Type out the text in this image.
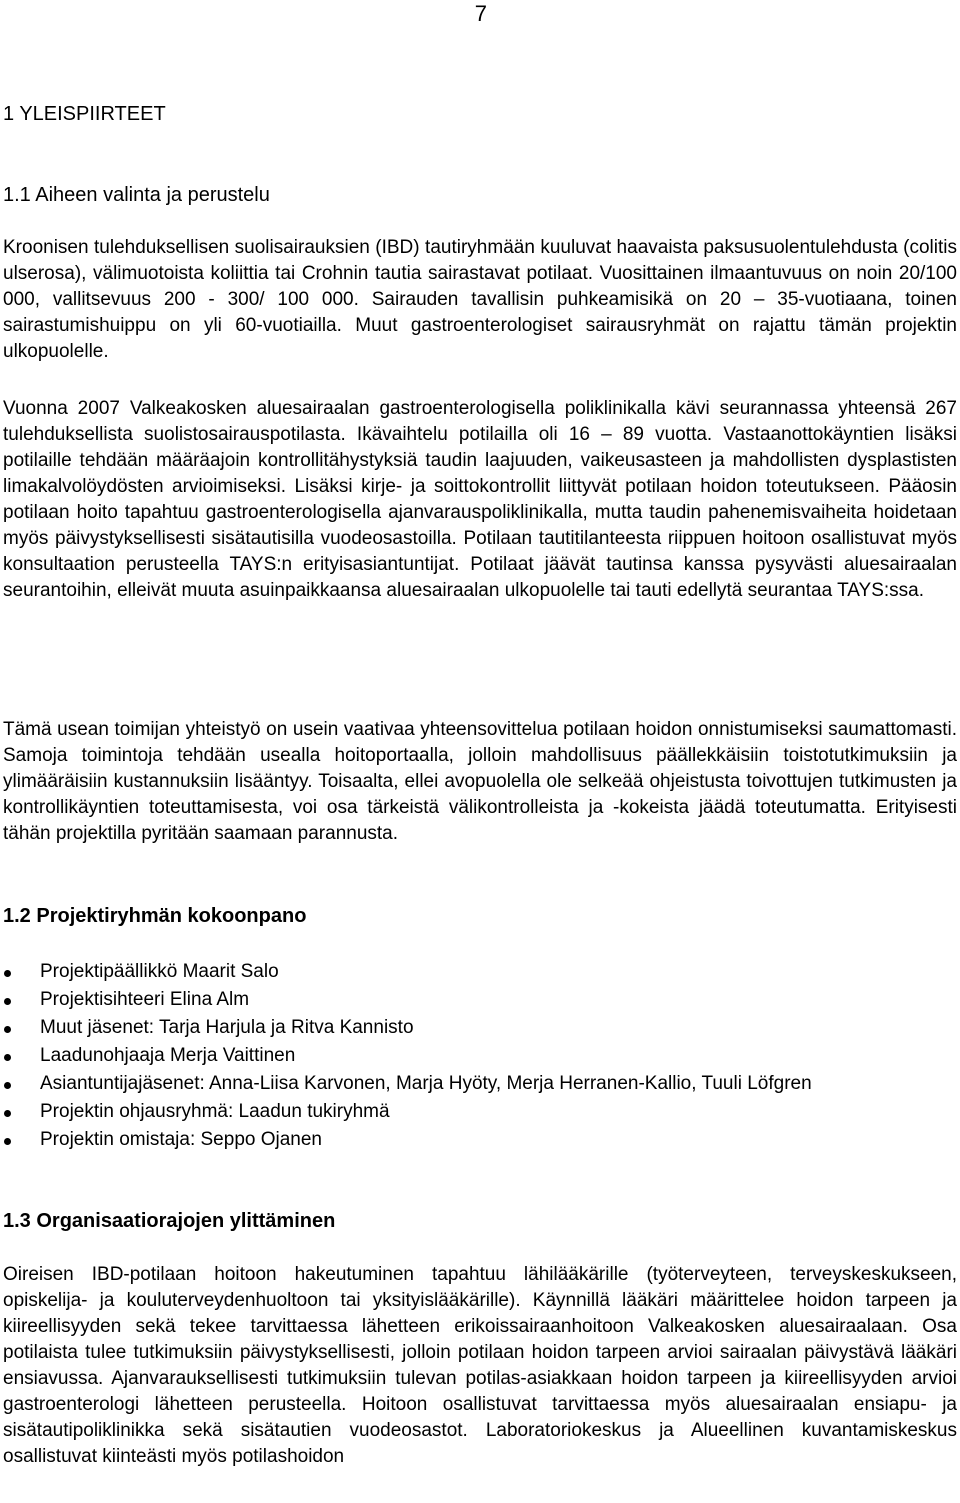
7
1 YLEISPIIRTEET
1.1 Aiheen valinta ja perustelu

Kroonisen tulehduksellisen suolisairauksien (IBD) tautiryhmään kuuluvat haavaista paksusuolentulehdusta (colitis ulserosa), välimuotoista koliittia tai Crohnin tautia sairastavat potilaat. Vuosittainen ilmaantuvuus on noin 20/100 000, vallitsevuus 200 - 300/ 100 000. Sairauden tavallisin puhkeamisikä on 20 – 35-vuotiaana, toinen sairastumishuippu on yli 60-vuotiailla. Muut gastroenterologiset sairausryhmät on rajattu tämän projektin ulkopuolelle.

Vuonna 2007 Valkeakosken aluesairaalan gastroenterologisella poliklinikalla kävi seurannassa yhteensä 267 tulehduksellista suolistosairauspotilasta. Ikävaihtelu potilailla oli 16 – 89 vuotta. Vastaanottokäyntien lisäksi potilaille tehdään määräajoin kontrollitähystyksiä taudin laajuuden, vaikeusasteen ja mahdollisten dysplastisten limakalvolöydösten arvioimiseksi. Lisäksi kirje- ja soittokontrollit liittyvät potilaan hoidon toteutukseen. Pääosin potilaan hoito tapahtuu gastroenterologisella ajanvarauspoliklinikalla, mutta taudin pahenemisvaiheita hoidetaan myös päivystyksellisesti sisätautisilla vuodeosastoilla. Potilaan tautitilanteesta riippuen hoitoon osallistuvat myös konsultaation perusteella TAYS:n erityisasiantuntijat. Potilaat jäävät tautinsa kanssa pysyvästi aluesairaalan seurantoihin, elleivät muuta asuinpaikkaansa aluesairaalan ulkopuolelle tai tauti edellytä seurantaa TAYS:ssa.

Tämä usean toimijan yhteistyö on usein vaativaa yhteensovittelua potilaan hoidon onnistumiseksi saumattomasti. Samoja toimintoja tehdään usealla hoitoportaalla, jolloin mahdollisuus päällekkäisiin toistotutkimuksiin ja ylimääräisiin kustannuksiin lisääntyy. Toisaalta, ellei avopuolella ole selkeää ohjeistusta toivottujen tutkimusten ja kontrollikäyntien toteuttamisesta, voi osa tärkeistä välikontrolleista ja -kokeista jäädä toteutumatta. Erityisesti tähän projektilla pyritään saamaan parannusta.

1.2 Projektiryhmän kokoonpano
Projektipäällikkö Maarit Salo
Projektisihteeri Elina Alm
Muut jäsenet: Tarja Harjula ja Ritva Kannisto
Laadunohjaaja Merja Vaittinen
Asiantuntijajäsenet: Anna-Liisa Karvonen, Marja Hyöty, Merja Herranen-Kallio, Tuuli Löfgren
Projektin ohjausryhmä: Laadun tukiryhmä
Projektin omistaja: Seppo Ojanen
1.3 Organisaatiorajojen ylittäminen

Oireisen IBD-potilaan hoitoon hakeutuminen tapahtuu lähilääkärille (työterveyteen, terveyskeskukseen, opiskelija- ja kouluterveydenhuoltoon tai yksityislääkärille). Käynnillä lääkäri määrittelee hoidon tarpeen ja kiireellisyyden sekä tekee tarvittaessa lähetteen erikoissairaanhoitoon Valkeakosken aluesairaalaan. Osa potilaista tulee tutkimuksiin päivystyksellisesti, jolloin potilaan hoidon tarpeen arvioi sairaalan päivystävä lääkäri ensiavussa. Ajanvarauksellisesti tutkimuksiin tulevan potilas-asiakkaan hoidon tarpeen ja kiireellisyyden arvioi gastroenterologi lähetteen perusteella. Hoitoon osallistuvat tarvittaessa myös aluesairaalan ensiapu- ja sisätautipoliklinikka sekä sisätautien vuodeosastot. Laboratoriokeskus ja Alueellinen kuvantamiskeskus osallistuvat kiinteästi myös potilashoidon
